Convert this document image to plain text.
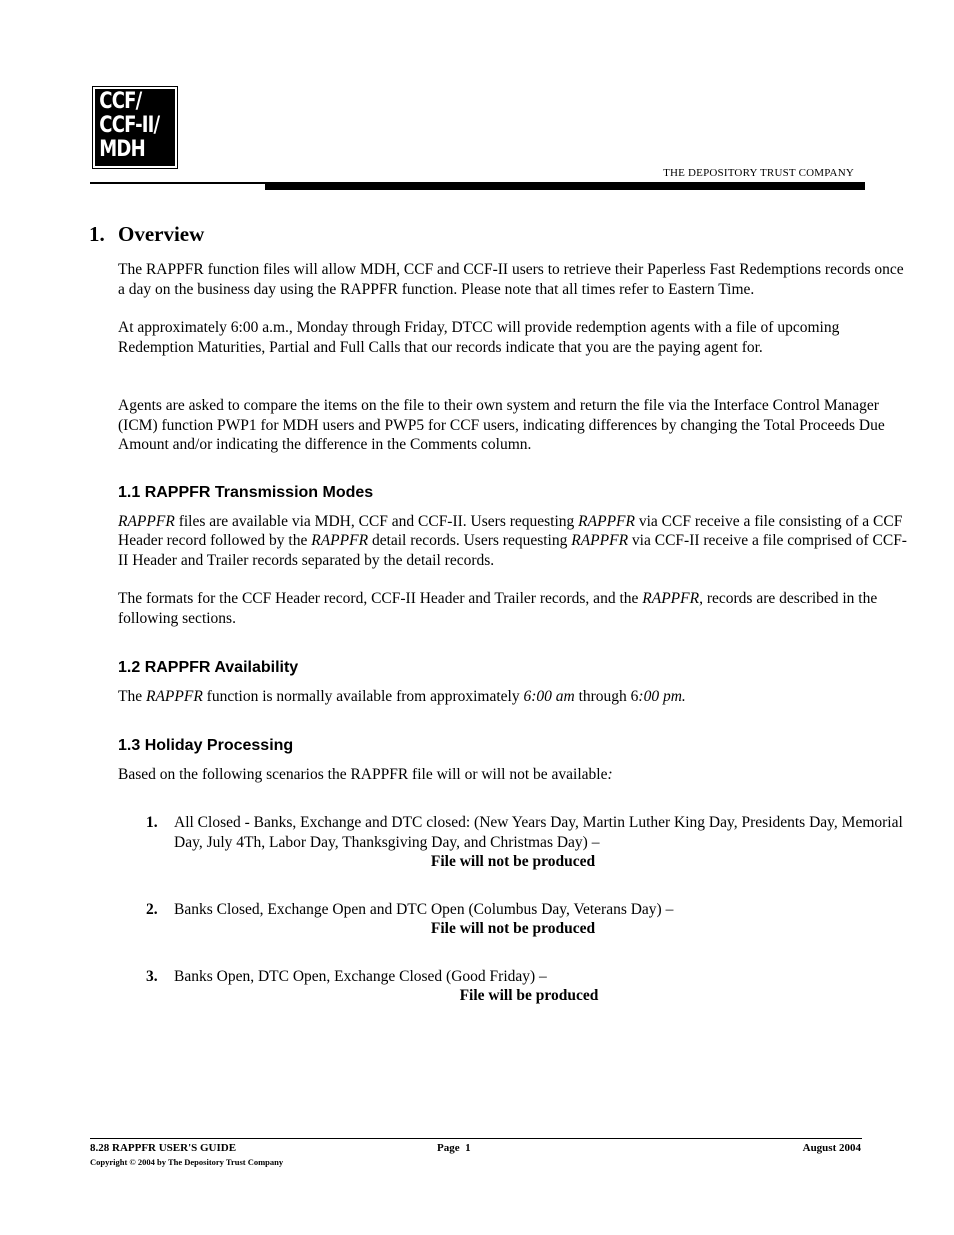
CCF/
CCF-II/
MDH
THE DEPOSITORY TRUST COMPANY
1. Overview

The RAPPFR function files will allow MDH, CCF and CCF-II users to retrieve their Paperless Fast Redemptions records once a day on the business day using the RAPPFR function. Please note that all times refer to Eastern Time.

At approximately 6:00 a.m., Monday through Friday, DTCC will provide redemption agents with a file of upcoming Redemption Maturities, Partial and Full Calls that our records indicate that you are the paying agent for.

Agents are asked to compare the items on the file to their own system and return the file via the Interface Control Manager (ICM) function PWP1 for MDH users and PWP5 for CCF users, indicating differences by changing the Total Proceeds Due Amount and/or indicating the difference in the Comments column.

1.1 RAPPFR Transmission Modes

RAPPFR files are available via MDH, CCF and CCF-II. Users requesting RAPPFR via CCF receive a file consisting of a CCF Header record followed by the RAPPFR detail records. Users requesting RAPPFR via CCF-II receive a file comprised of CCF-II Header and Trailer records separated by the detail records.

The formats for the CCF Header record, CCF-II Header and Trailer records, and the RAPPFR, records are described in the following sections.

1.2 RAPPFR Availability

The RAPPFR function is normally available from approximately 6:00 am through 6:00 pm.

1.3 Holiday Processing

Based on the following scenarios the RAPPFR file will or will not be available:

1. All Closed - Banks, Exchange and DTC closed: (New Years Day, Martin Luther King Day, Presidents Day, Memorial Day, July 4Th, Labor Day, Thanksgiving Day, and Christmas Day) –
File will not be produced
2. Banks Closed, Exchange Open and DTC Open (Columbus Day, Veterans Day) –
File will not be produced
3. Banks Open, DTC Open, Exchange Closed (Good Friday) –
File will be produced
8.28 RAPPFR USER'S GUIDE
Copyright © 2004 by The Depository Trust Company
Page  1	August 2004
